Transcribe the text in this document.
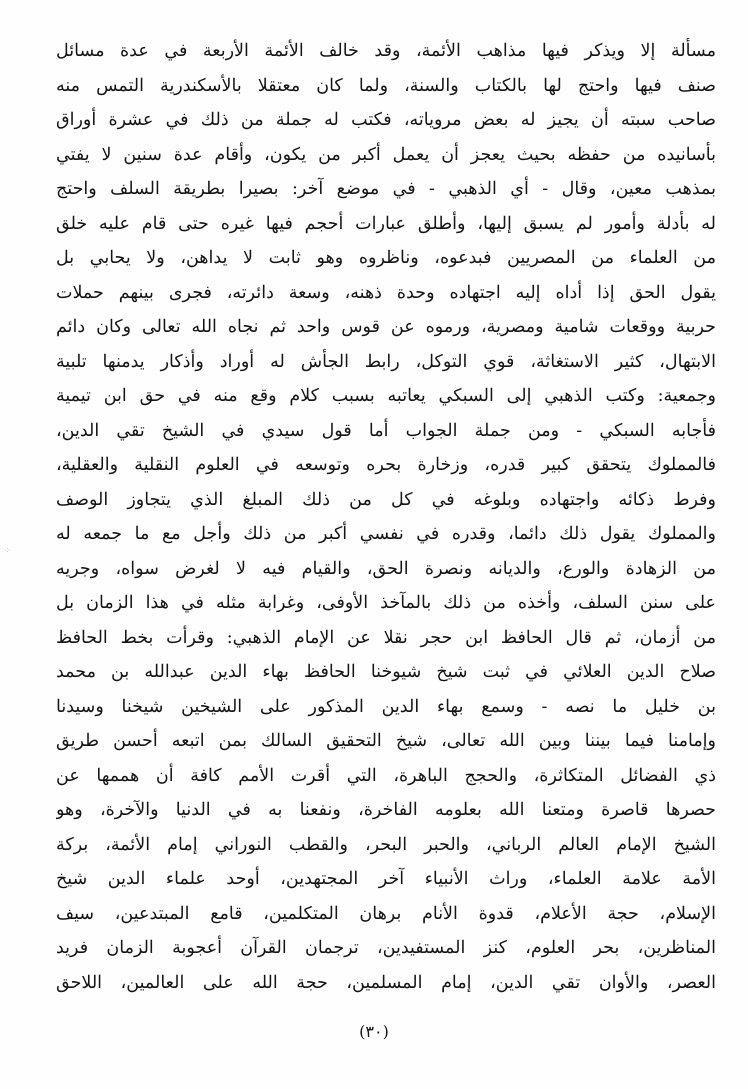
⁘
مسألة إلا ويذكر فيها مذاهب الأئمة، وقد خالف الأئمة الأربعة في عدة مسائل
صنف فيها واحتج لها بالكتاب والسنة، ولما كان معتقلا بالأسكندرية التمس منه
صاحب سبته أن يجيز له بعض مروياته، فكتب له جملة من ذلك في عشرة أوراق
بأسانيده من حفظه بحيث يعجز أن يعمل أكبر من يكون، وأقام عدة سنين لا يفتي
بمذهب معين، وقال - أي الذهبي - في موضع آخر: بصيرا بطريقة السلف واحتج
له بأدلة وأمور لم يسبق إليها، وأطلق عبارات أحجم فيها غيره حتى قام عليه خلق
من العلماء من المصريين فبدعوه، وناظروه وهو ثابت لا يداهن، ولا يحابي بل
يقول الحق إذا أداه إليه اجتهاده وحدة ذهنه، وسعة دائرته، فجرى بينهم حملات
حربية ووقعات شامية ومصرية، ورموه عن قوس واحد ثم نجاه الله تعالى وكان دائم
الابتهال، كثير الاستغاثة، قوي التوكل، رابط الجأش له أوراد وأذكار يدمنها تلبية
وجمعية: وكتب الذهبي إلى السبكي يعاتبه بسبب كلام وقع منه في حق ابن تيمية
فأجابه السبكي - ومن جملة الجواب أما قول سيدي في الشيخ تقي الدين،
فالمملوك يتحقق كبير قدره، وزخارة بحره وتوسعه في العلوم النقلية والعقلية،
وفرط ذكائه واجتهاده وبلوغه في كل من ذلك المبلغ الذي يتجاوز الوصف
والمملوك يقول ذلك دائما، وقدره في نفسي أكبر من ذلك وأجل مع ما جمعه له
من الزهادة والورع، والديانه ونصرة الحق، والقيام فيه لا لغرض سواه، وجريه
على سنن السلف، وأخذه من ذلك بالمآخذ الأوفى، وغرابة مثله في هذا الزمان بل
من أزمان، ثم قال الحافظ ابن حجر نقلا عن الإمام الذهبي: وقرأت بخط الحافظ
صلاح الدين العلائي في ثبت شيخ شيوخنا الحافظ بهاء الدين عبدالله بن محمد
بن خليل ما نصه - وسمع بهاء الدين المذكور على الشيخين شيخنا وسيدنا
وإمامنا فيما بيننا وبين الله تعالى، شيخ التحقيق السالك بمن اتبعه أحسن طريق
ذي الفضائل المتكاثرة، والحجج الباهرة، التي أقرت الأمم كافة أن هممها عن
حصرها قاصرة ومتعنا الله بعلومه الفاخرة، ونفعنا به في الدنيا والآخرة، وهو
الشيخ الإمام العالم الرباني، والحبر البحر، والقطب النوراني إمام الأئمة، بركة
الأمة علامة العلماء، وراث الأنبياء آخر المجتهدين، أوحد علماء الدين شيخ
الإسلام، حجة الأعلام، قدوة الأنام برهان المتكلمين، قامع المبتدعين، سيف
المناظرين، بحر العلوم، كنز المستفيدين، ترجمان القرآن أعجوبة الزمان فريد
العصر، والأوان تقي الدين، إمام المسلمين، حجة الله على العالمين، اللاحق
(٣٠)
